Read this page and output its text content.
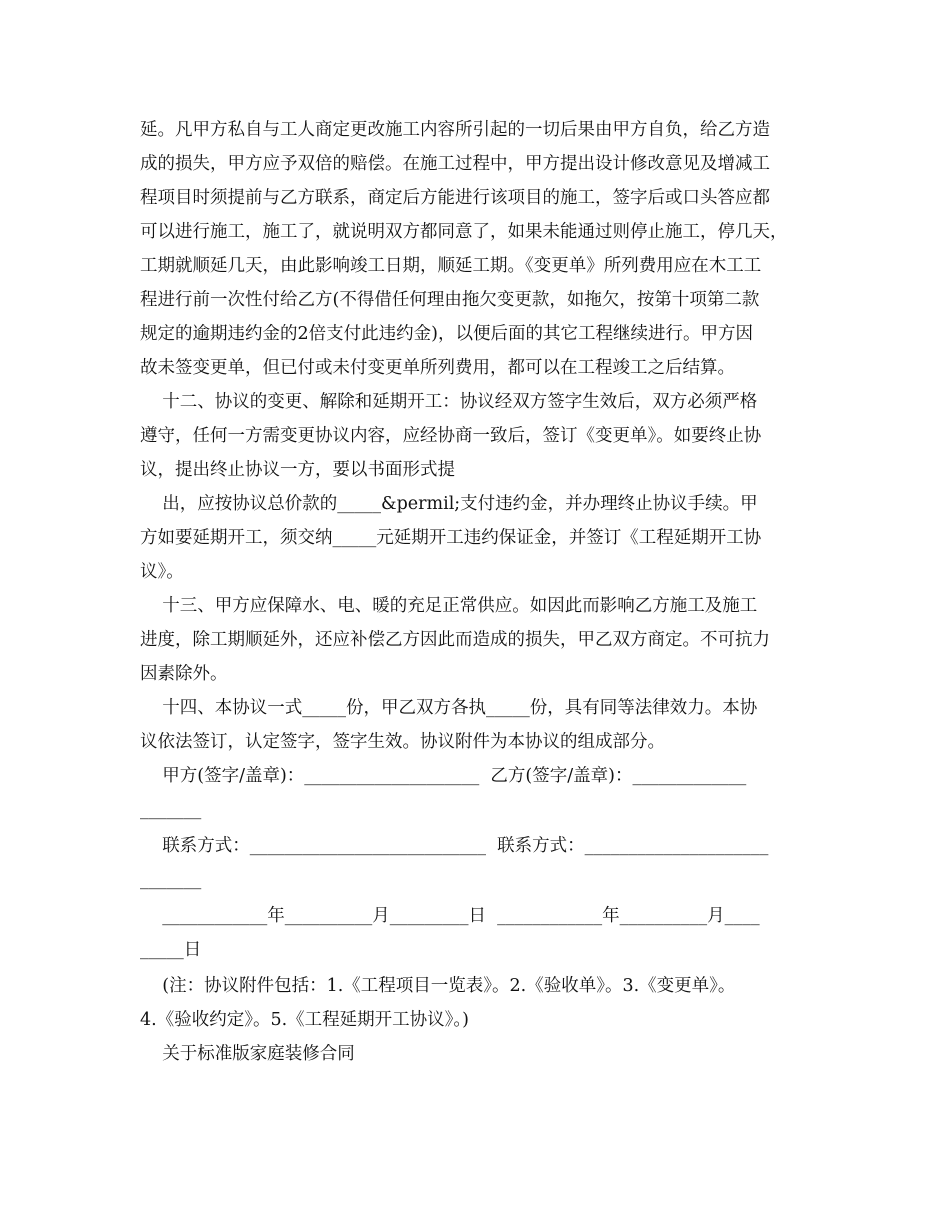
延。凡甲方私自与工人商定更改施工内容所引起的一切后果由甲方自负，给乙方造
成的损失，甲方应予双倍的赔偿。在施工过程中，甲方提出设计修改意见及增减工
程项目时须提前与乙方联系，商定后方能进行该项目的施工，签字后或口头答应都
可以进行施工，施工了，就说明双方都同意了，如果未能通过则停止施工，停几天，
工期就顺延几天，由此影响竣工日期，顺延工期。《变更单》所列费用应在木工工
程进行前一次性付给乙方(不得借任何理由拖欠变更款，如拖欠，按第十项第二款
规定的逾期违约金的2倍支付此违约金)，以便后面的其它工程继续进行。甲方因
故未签变更单，但已付或未付变更单所列费用，都可以在工程竣工之后结算。
十二、协议的变更、解除和延期开工：协议经双方签字生效后，双方必须严格
遵守，任何一方需变更协议内容，应经协商一致后，签订《变更单》。如要终止协
议，提出终止协议一方，要以书面形式提
出，应按协议总价款的_____&permil;支付违约金，并办理终止协议手续。甲
方如要延期开工，须交纳_____元延期开工违约保证金，并签订《工程延期开工协
议》。
十三、甲方应保障水、电、暖的充足正常供应。如因此而影响乙方施工及施工
进度，除工期顺延外，还应补偿乙方因此而造成的损失，甲乙双方商定。不可抗力
因素除外。
十四、本协议一式_____份，甲乙双方各执_____份，具有同等法律效力。本协
议依法签订，认定签字，签字生效。协议附件为本协议的组成部分。
甲方(签字/盖章)：____________________  乙方(签字/盖章)：_____________
_______
联系方式：___________________________  联系方式：_____________________
_______
____________年__________月_________日  ____________年__________月____
_____日
(注：协议附件包括：1.《工程项目一览表》。2.《验收单》。3.《变更单》。
4.《验收约定》。5.《工程延期开工协议》。)
关于标准版家庭装修合同
